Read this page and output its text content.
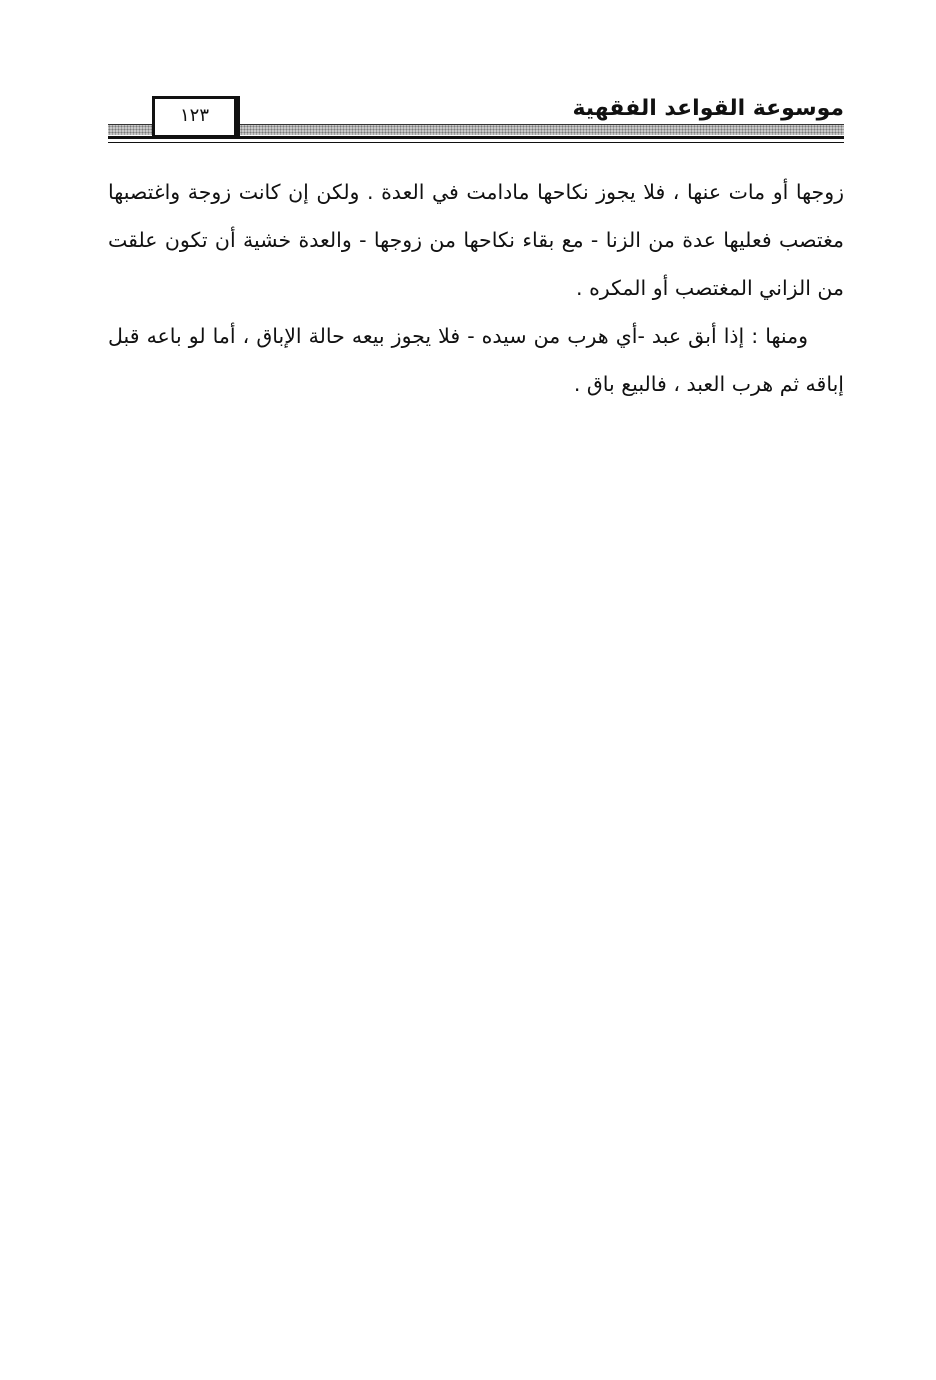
موسوعة القواعد الفقهية
١٢٣

زوجها أو مات عنها ، فلا يجوز نكاحها مادامت في العدة . ولكن إن كانت زوجة واغتصبها مغتصب فعليها عدة من الزنا - مع بقاء نكاحها من زوجها - والعدة خشية أن تكون علقت من الزاني المغتصب أو المكره .

ومنها : إذا أبق عبد -أي هرب من سيده - فلا يجوز بيعه حالة الإباق ، أما لو باعه قبل إباقه ثم هرب العبد ، فالبيع باق .
